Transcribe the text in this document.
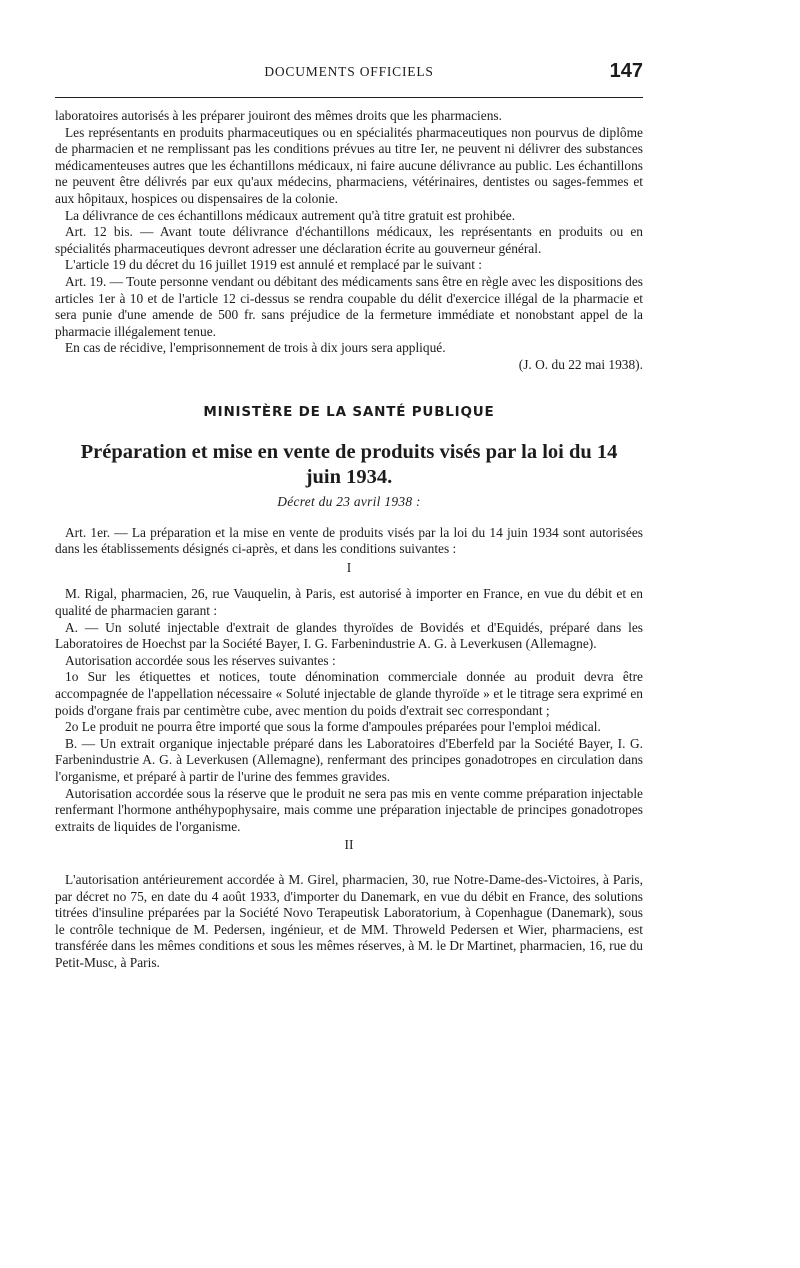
DOCUMENTS OFFICIELS	147

laboratoires autorisés à les préparer jouiront des mêmes droits que les pharmaciens.

Les représentants en produits pharmaceutiques ou en spécialités pharmaceutiques non pourvus de diplôme de pharmacien et ne remplissant pas les conditions prévues au titre Ier, ne peuvent ni délivrer des substances médicamenteuses autres que les échantillons médicaux, ni faire aucune délivrance au public. Les échantillons ne peuvent être délivrés par eux qu'aux médecins, pharmaciens, vétérinaires, dentistes ou sages-femmes et aux hôpitaux, hospices ou dispensaires de la colonie.

La délivrance de ces échantillons médicaux autrement qu'à titre gratuit est prohibée.

Art. 12 bis. — Avant toute délivrance d'échantillons médicaux, les représentants en produits ou en spécialités pharmaceutiques devront adresser une déclaration écrite au gouverneur général.

L'article 19 du décret du 16 juillet 1919 est annulé et remplacé par le suivant :

Art. 19. — Toute personne vendant ou débitant des médicaments sans être en règle avec les dispositions des articles 1er à 10 et de l'article 12 ci-dessus se rendra coupable du délit d'exercice illégal de la pharmacie et sera punie d'une amende de 500 fr. sans préjudice de la fermeture immédiate et nonobstant appel de la pharmacie illégalement tenue.

En cas de récidive, l'emprisonnement de trois à dix jours sera appliqué.

(J. O. du 22 mai 1938).

MINISTÈRE DE LA SANTÉ PUBLIQUE
Préparation et mise en vente de produits visés par la loi du 14 juin 1934.
Décret du 23 avril 1938 :

Art. 1er. — La préparation et la mise en vente de produits visés par la loi du 14 juin 1934 sont autorisées dans les établissements désignés ci-après, et dans les conditions suivantes :

I

M. Rigal, pharmacien, 26, rue Vauquelin, à Paris, est autorisé à importer en France, en vue du débit et en qualité de pharmacien garant :

A. — Un soluté injectable d'extrait de glandes thyroïdes de Bovidés et d'Equidés, préparé dans les Laboratoires de Hoechst par la Société Bayer, I. G. Farbenindustrie A. G. à Leverkusen (Allemagne).

Autorisation accordée sous les réserves suivantes :

1o Sur les étiquettes et notices, toute dénomination commerciale donnée au produit devra être accompagnée de l'appellation nécessaire « Soluté injectable de glande thyroïde » et le titrage sera exprimé en poids d'organe frais par centimètre cube, avec mention du poids d'extrait sec correspondant ;

2o Le produit ne pourra être importé que sous la forme d'ampoules préparées pour l'emploi médical.

B. — Un extrait organique injectable préparé dans les Laboratoires d'Eberfeld par la Société Bayer, I. G. Farbenindustrie A. G. à Leverkusen (Allemagne), renfermant des principes gonadotropes en circulation dans l'organisme, et préparé à partir de l'urine des femmes gravides.

Autorisation accordée sous la réserve que le produit ne sera pas mis en vente comme préparation injectable renfermant l'hormone anthéhypophysaire, mais comme une préparation injectable de principes gonadotropes extraits de liquides de l'organisme.

II

L'autorisation antérieurement accordée à M. Girel, pharmacien, 30, rue Notre-Dame-des-Victoires, à Paris, par décret no 75, en date du 4 août 1933, d'importer du Danemark, en vue du débit en France, des solutions titrées d'insuline préparées par la Société Novo Terapeutisk Laboratorium, à Copenhague (Danemark), sous le contrôle technique de M. Pedersen, ingénieur, et de MM. Throweld Pedersen et Wier, pharmaciens, est transférée dans les mêmes conditions et sous les mêmes réserves, à M. le Dr Martinet, pharmacien, 16, rue du Petit-Musc, à Paris.
